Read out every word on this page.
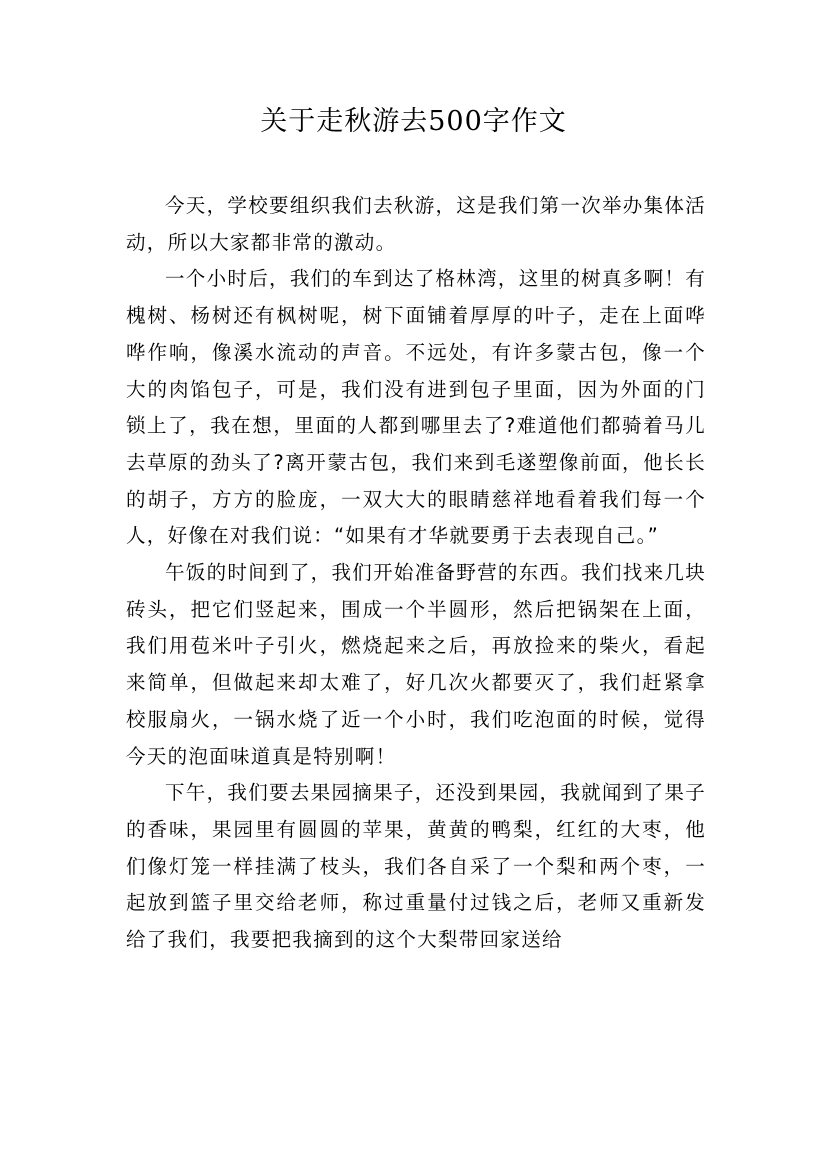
关于走秋游去500字作文

今天，学校要组织我们去秋游，这是我们第一次举办集体活动，所以大家都非常的激动。

一个小时后，我们的车到达了格林湾，这里的树真多啊！有槐树、杨树还有枫树呢，树下面铺着厚厚的叶子，走在上面哗哗作响，像溪水流动的声音。不远处，有许多蒙古包，像一个大的肉馅包子，可是，我们没有进到包子里面，因为外面的门锁上了，我在想，里面的人都到哪里去了?难道他们都骑着马儿去草原的劲头了?离开蒙古包，我们来到毛遂塑像前面，他长长的胡子，方方的脸庞，一双大大的眼睛慈祥地看着我们每一个人，好像在对我们说：“如果有才华就要勇于去表现自己。”

午饭的时间到了，我们开始准备野营的东西。我们找来几块砖头，把它们竖起来，围成一个半圆形，然后把锅架在上面，我们用苞米叶子引火，燃烧起来之后，再放捡来的柴火，看起来简单，但做起来却太难了，好几次火都要灭了，我们赶紧拿校服扇火，一锅水烧了近一个小时，我们吃泡面的时候，觉得今天的泡面味道真是特别啊！

下午，我们要去果园摘果子，还没到果园，我就闻到了果子的香味，果园里有圆圆的苹果，黄黄的鸭梨，红红的大枣，他们像灯笼一样挂满了枝头，我们各自采了一个梨和两个枣，一起放到篮子里交给老师，称过重量付过钱之后，老师又重新发给了我们，我要把我摘到的这个大梨带回家送给
